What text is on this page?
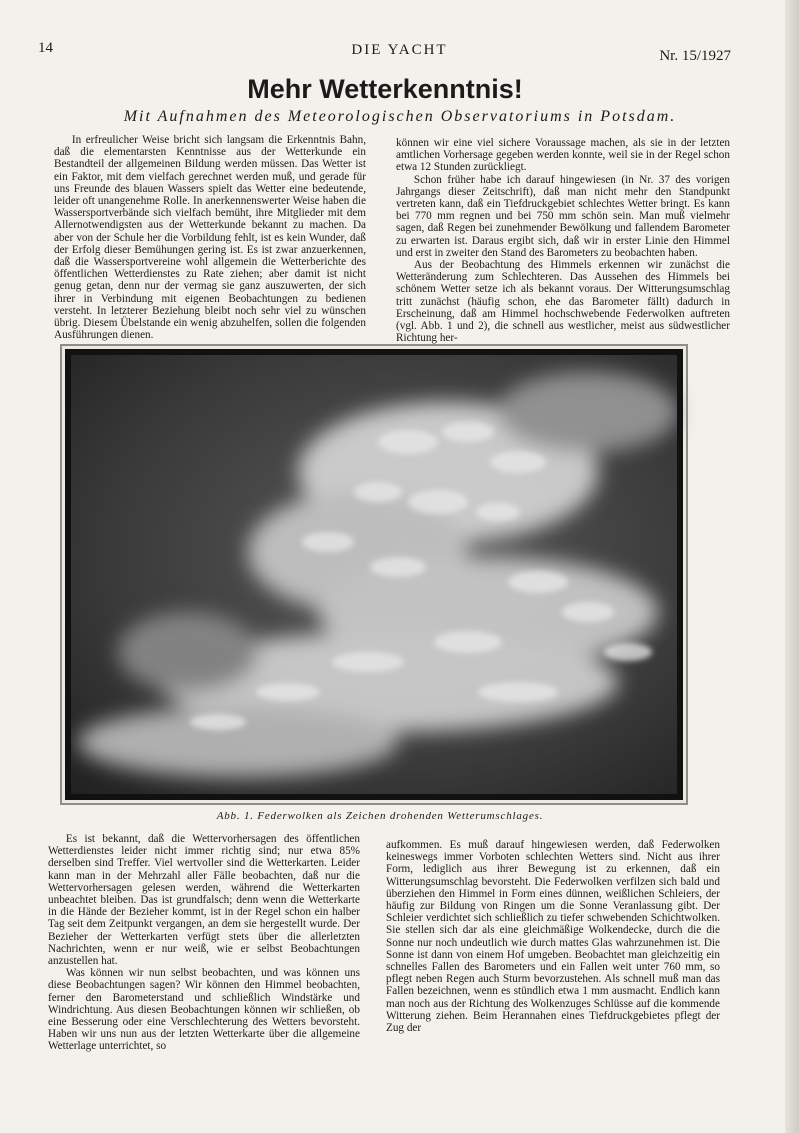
14	DIE YACHT	Nr. 15/1927
Mehr Wetterkenntnis!
Mit Aufnahmen des Meteorologischen Observatoriums in Potsdam.

In erfreulicher Weise bricht sich langsam die Erkenntnis Bahn, daß die elementarsten Kenntnisse aus der Wetterkunde ein Bestandteil der allgemeinen Bildung werden müssen. Das Wetter ist ein Faktor, mit dem vielfach gerechnet werden muß, und gerade für uns Freunde des blauen Wassers spielt das Wetter eine bedeutende, leider oft unangenehme Rolle. In anerkennenswerter Weise haben die Wassersportverbände sich vielfach bemüht, ihre Mitglieder mit dem Allernotwendigsten aus der Wetterkunde bekannt zu machen. Da aber von der Schule her die Vorbildung fehlt, ist es kein Wunder, daß der Erfolg dieser Bemühungen gering ist. Es ist zwar anzuerkennen, daß die Wassersportvereine wohl allgemein die Wetterberichte des öffentlichen Wetterdienstes zu Rate ziehen; aber damit ist nicht genug getan, denn nur der vermag sie ganz auszuwerten, der sich ihrer in Verbindung mit eigenen Beobachtungen zu bedienen versteht. In letzterer Beziehung bleibt noch sehr viel zu wünschen übrig. Diesem Übelstande ein wenig abzuhelfen, sollen die folgenden Ausführungen dienen.

können wir eine viel sichere Voraussage machen, als sie in der letzten amtlichen Vorhersage gegeben werden konnte, weil sie in der Regel schon etwa 12 Stunden zurückliegt.

Schon früher habe ich darauf hingewiesen (in Nr. 37 des vorigen Jahrgangs dieser Zeitschrift), daß man nicht mehr den Standpunkt vertreten kann, daß ein Tiefdruckgebiet schlechtes Wetter bringt. Es kann bei 770 mm regnen und bei 750 mm schön sein. Man muß vielmehr sagen, daß Regen bei zunehmender Bewölkung und fallendem Barometer zu erwarten ist. Daraus ergibt sich, daß wir in erster Linie den Himmel und erst in zweiter den Stand des Barometers zu beobachten haben.

Aus der Beobachtung des Himmels erkennen wir zunächst die Wetteränderung zum Schlechteren. Das Aussehen des Himmels bei schönem Wetter setze ich als bekannt voraus. Der Witterungsumschlag tritt zunächst (häufig schon, ehe das Barometer fällt) dadurch in Erscheinung, daß am Himmel hochschwebende Federwolken auftreten (vgl. Abb. 1 und 2), die schnell aus westlicher, meist aus südwestlicher Richtung her-

Abb. 1. Federwolken als Zeichen drohenden Wetterumschlages.

Es ist bekannt, daß die Wettervorhersagen des öffentlichen Wetterdienstes leider nicht immer richtig sind; nur etwa 85% derselben sind Treffer. Viel wertvoller sind die Wetterkarten. Leider kann man in der Mehrzahl aller Fälle beobachten, daß nur die Wettervorhersagen gelesen werden, während die Wetterkarten unbeachtet bleiben. Das ist grundfalsch; denn wenn die Wetterkarte in die Hände der Bezieher kommt, ist in der Regel schon ein halber Tag seit dem Zeitpunkt vergangen, an dem sie hergestellt wurde. Der Bezieher der Wetterkarten verfügt stets über die allerletzten Nachrichten, wenn er nur weiß, wie er selbst Beobachtungen anzustellen hat.

Was können wir nun selbst beobachten, und was können uns diese Beobachtungen sagen? Wir können den Himmel beobachten, ferner den Barometerstand und schließlich Windstärke und Windrichtung. Aus diesen Beobachtungen können wir schließen, ob eine Besserung oder eine Verschlechterung des Wetters bevorsteht. Haben wir uns nun aus der letzten Wetterkarte über die allgemeine Wetterlage unterrichtet, so

aufkommen. Es muß darauf hingewiesen werden, daß Federwolken keineswegs immer Vorboten schlechten Wetters sind. Nicht aus ihrer Form, lediglich aus ihrer Bewegung ist zu erkennen, daß ein Witterungsumschlag bevorsteht. Die Federwolken verfilzen sich bald und überziehen den Himmel in Form eines dünnen, weißlichen Schleiers, der häufig zur Bildung von Ringen um die Sonne Veranlassung gibt. Der Schleier verdichtet sich schließlich zu tiefer schwebenden Schichtwolken. Sie stellen sich dar als eine gleichmäßige Wolkendecke, durch die die Sonne nur noch undeutlich wie durch mattes Glas wahrzunehmen ist. Die Sonne ist dann von einem Hof umgeben. Beobachtet man gleichzeitig ein schnelles Fallen des Barometers und ein Fallen weit unter 760 mm, so pflegt neben Regen auch Sturm bevorzustehen. Als schnell muß man das Fallen bezeichnen, wenn es stündlich etwa 1 mm ausmacht. Endlich kann man noch aus der Richtung des Wolkenzuges Schlüsse auf die kommende Witterung ziehen. Beim Herannahen eines Tiefdruckgebietes pflegt der Zug der
